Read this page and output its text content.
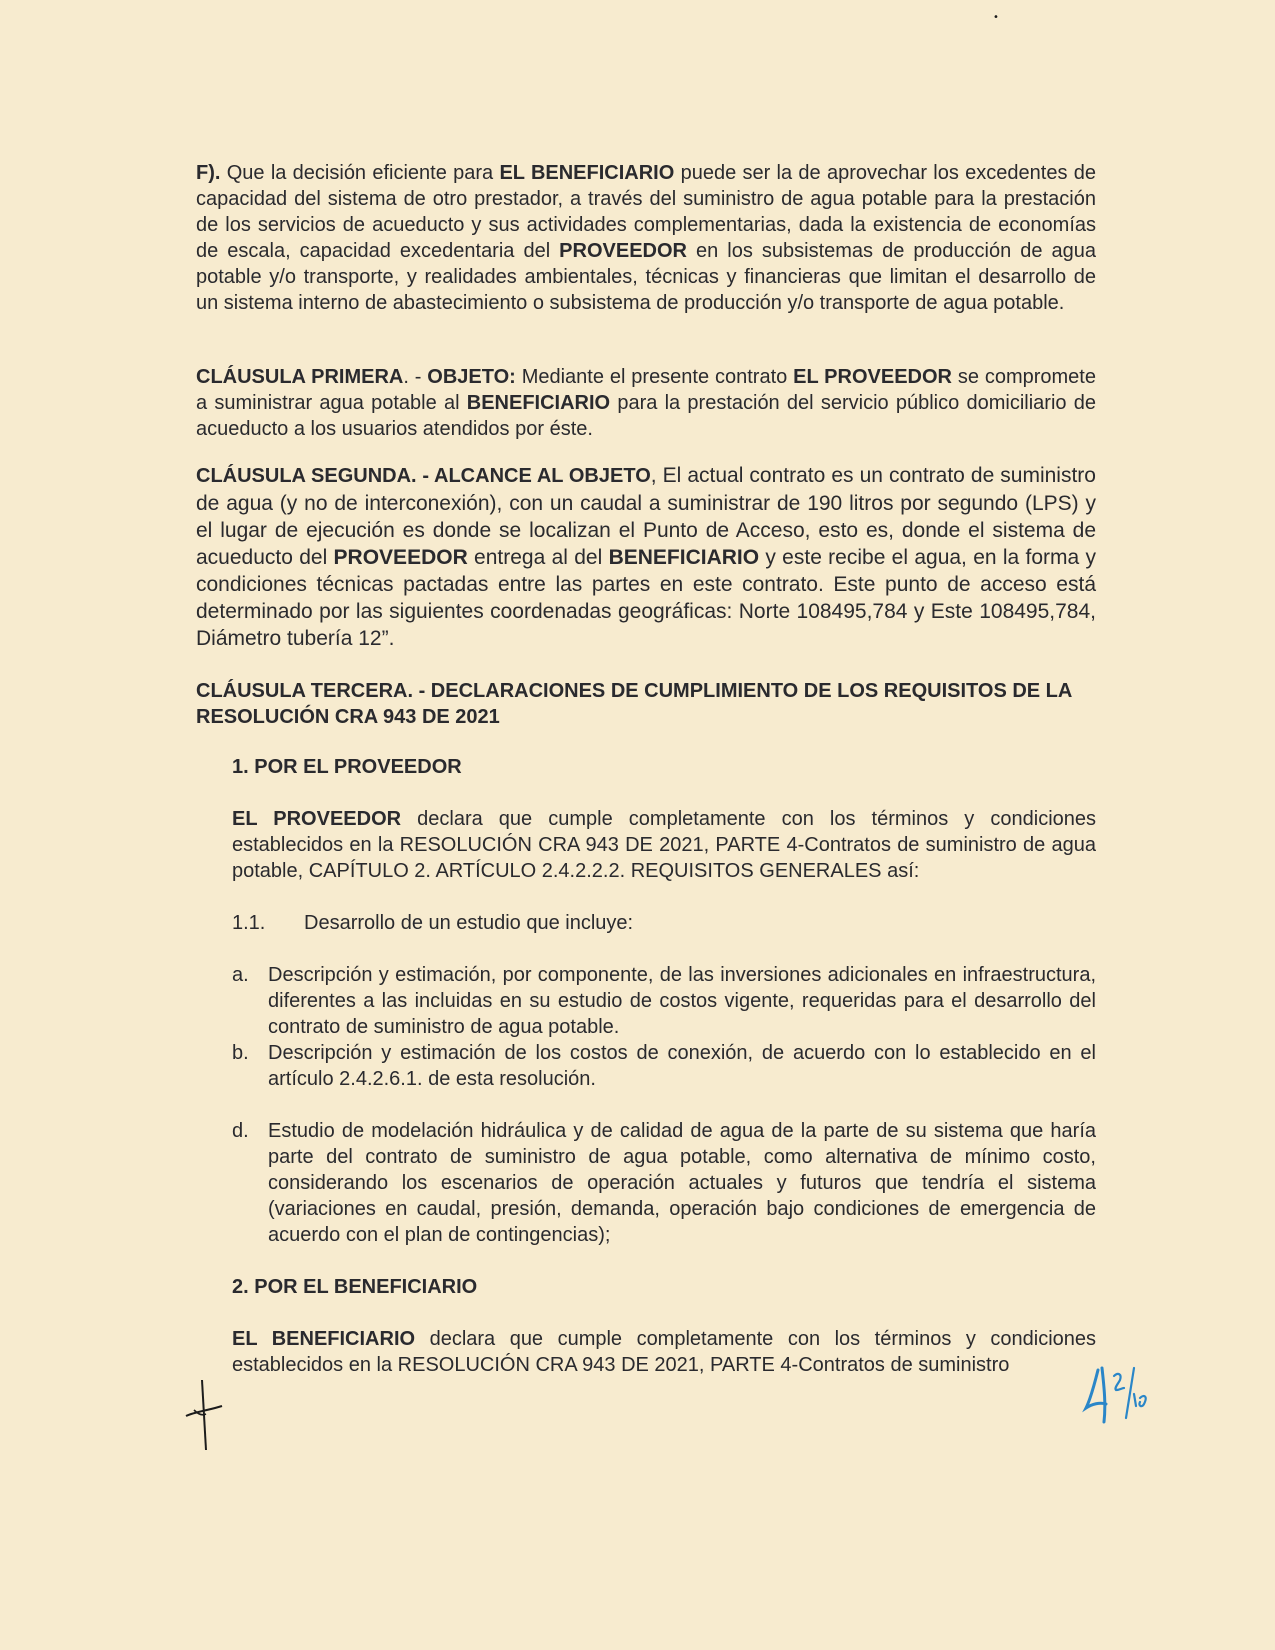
F). Que la decisión eficiente para EL BENEFICIARIO puede ser la de aprovechar los excedentes de capacidad del sistema de otro prestador, a través del suministro de agua potable para la prestación de los servicios de acueducto y sus actividades complementarias, dada la existencia de economías de escala, capacidad excedentaria del PROVEEDOR en los subsistemas de producción de agua potable y/o transporte, y realidades ambientales, técnicas y financieras que limitan el desarrollo de un sistema interno de abastecimiento o subsistema de producción y/o transporte de agua potable.

CLÁUSULA PRIMERA. - OBJETO: Mediante el presente contrato EL PROVEEDOR se compromete a suministrar agua potable al BENEFICIARIO para la prestación del servicio público domiciliario de acueducto a los usuarios atendidos por éste.

CLÁUSULA SEGUNDA. - ALCANCE AL OBJETO, El actual contrato es un contrato de suministro de agua (y no de interconexión), con un caudal a suministrar de 190 litros por segundo (LPS) y el lugar de ejecución es donde se localizan el Punto de Acceso, esto es, donde el sistema de acueducto del PROVEEDOR entrega al del BENEFICIARIO y este recibe el agua, en la forma y condiciones técnicas pactadas entre las partes en este contrato. Este punto de acceso está determinado por las siguientes coordenadas geográficas: Norte 108495,784 y Este 108495,784, Diámetro tubería 12”.

CLÁUSULA TERCERA. - DECLARACIONES DE CUMPLIMIENTO DE LOS REQUISITOS DE LA RESOLUCIÓN CRA 943 DE 2021

1. POR EL PROVEEDOR

EL PROVEEDOR declara que cumple completamente con los términos y condiciones establecidos en la RESOLUCIÓN CRA 943 DE 2021, PARTE 4-Contratos de suministro de agua potable, CAPÍTULO 2. ARTÍCULO 2.4.2.2.2. REQUISITOS GENERALES así:

1.1.	Desarrollo de un estudio que incluye:
a. Descripción y estimación, por componente, de las inversiones adicionales en infraestructura, diferentes a las incluidas en su estudio de costos vigente, requeridas para el desarrollo del contrato de suministro de agua potable.
b. Descripción y estimación de los costos de conexión, de acuerdo con lo establecido en el artículo 2.4.2.6.1. de esta resolución.
d. Estudio de modelación hidráulica y de calidad de agua de la parte de su sistema que haría parte del contrato de suministro de agua potable, como alternativa de mínimo costo, considerando los escenarios de operación actuales y futuros que tendría el sistema (variaciones en caudal, presión, demanda, operación bajo condiciones de emergencia de acuerdo con el plan de contingencias);

2. POR EL BENEFICIARIO

EL BENEFICIARIO declara que cumple completamente con los términos y condiciones establecidos en la RESOLUCIÓN CRA 943 DE 2021, PARTE 4-Contratos de suministro

•
